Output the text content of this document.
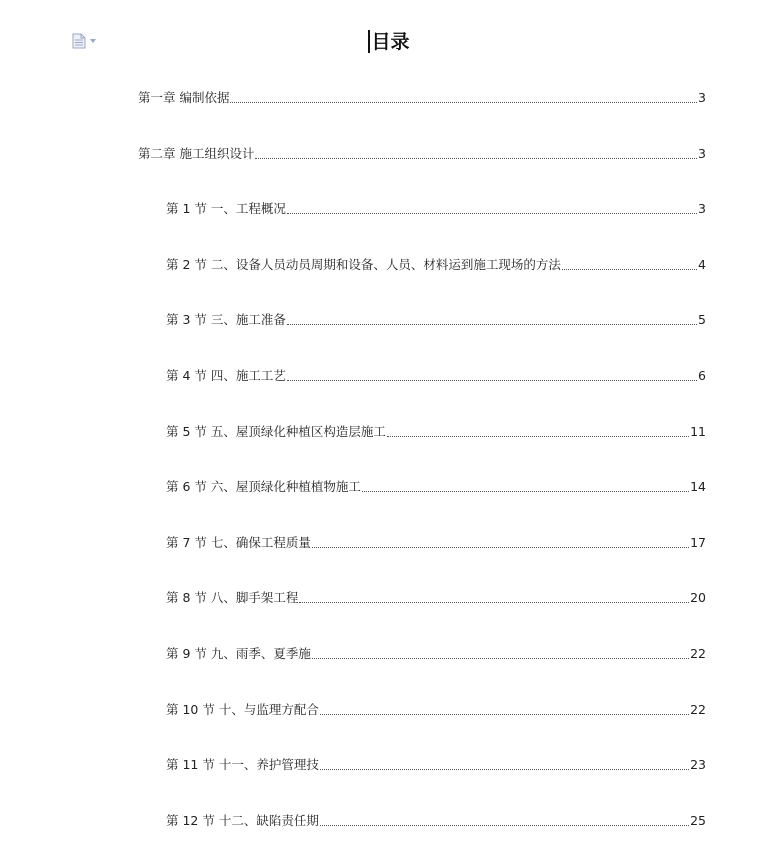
目录
第一章 编制依据	3
第二章 施工组织设计	3
第 1 节 一、工程概况	3
第 2 节 二、设备人员动员周期和设备、人员、材料运到施工现场的方法	4
第 3 节 三、施工准备	5
第 4 节 四、施工工艺	6
第 5 节 五、屋顶绿化种植区构造层施工	11
第 6 节 六、屋顶绿化种植植物施工	14
第 7 节 七、确保工程质量	17
第 8 节 八、脚手架工程	20
第 9 节 九、雨季、夏季施	22
第 10 节 十、与监理方配合	22
第 11 节 十一、养护管理技	23
第 12 节 十二、缺陷责任期	25
